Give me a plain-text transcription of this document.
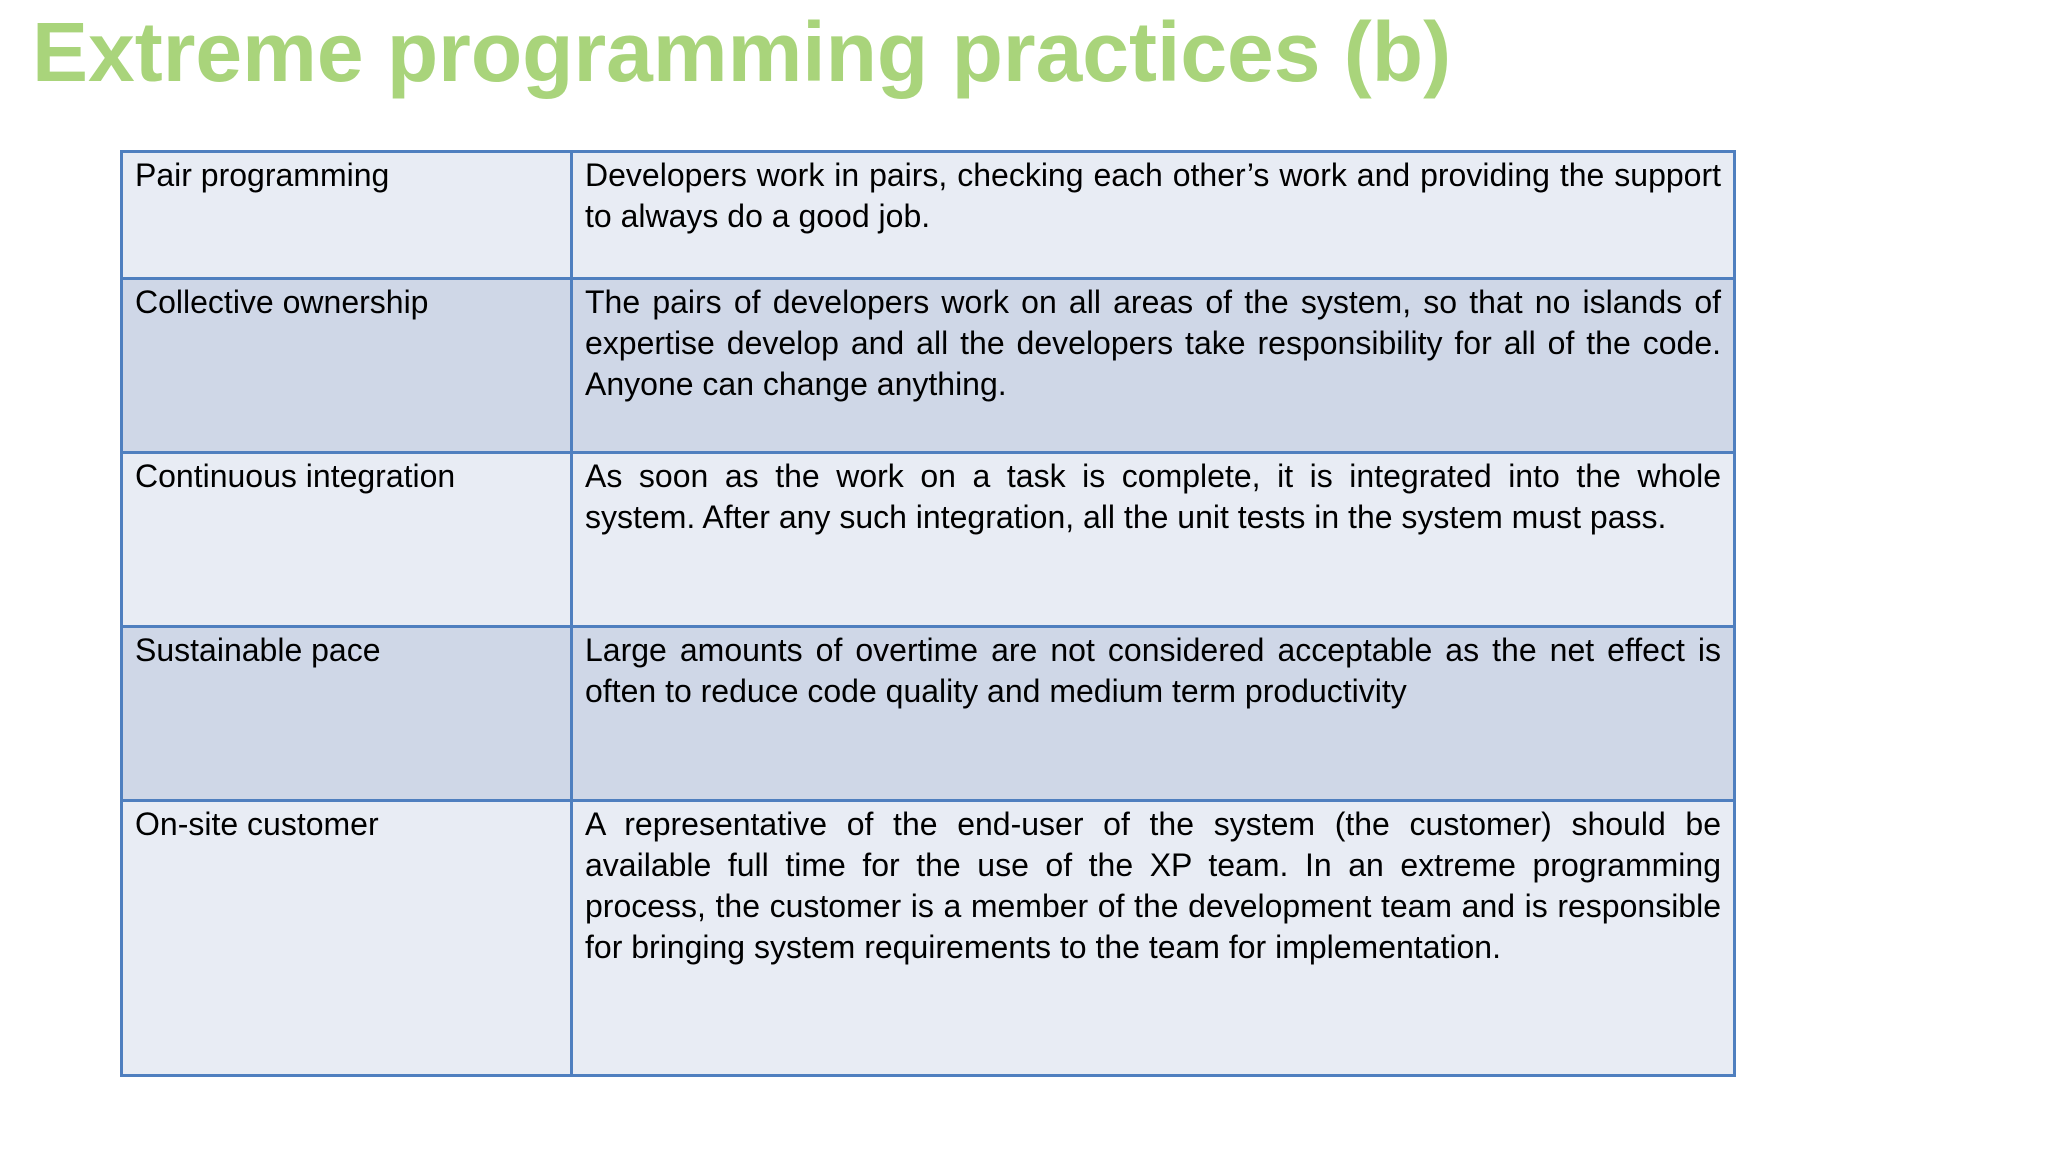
Extreme programming practices (b)
Pair programming	Developers work in pairs, checking each other’s work and providing the support to always do a good job.
Collective ownership	The pairs of developers work on all areas of the system, so that no islands of expertise develop and all the developers take responsibility for all of the code. Anyone can change anything.
Continuous integration	As soon as the work on a task is complete, it is integrated into the whole system. After any such integration, all the unit tests in the system must pass.
Sustainable pace	Large amounts of overtime are not considered acceptable as the net effect is often to reduce code quality and medium term productivity
On-site customer	A representative of the end-user of the system (the customer) should be available full time for the use of the XP team. In an extreme programming process, the customer is a member of the development team and is responsible for bringing system requirements to the team for implementation.
